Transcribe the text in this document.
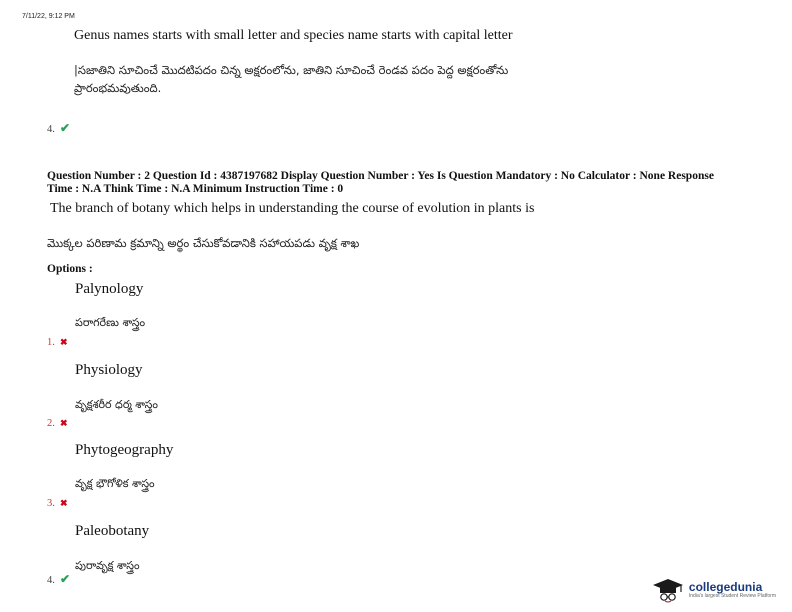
7/11/22, 9:12 PM
Genus names starts with small letter and species name starts with capital letter
|సజాతిని సూచించే మొదటిపదం చిన్న అక్షరంలోను, జాతిని సూచించే రెండవ పదం పెద్ద అక్షరంతోను
ప్రారంభమవుతుంది.
4. ✔
Question Number : 2 Question Id : 4387197682 Display Question Number : Yes Is Question Mandatory : No Calculator : None Response
Time : N.A Think Time : N.A Minimum Instruction Time : 0
The branch of botany which helps in understanding the course of evolution in plants is
మొక్కల పరిణామ క్రమాన్ని అర్థం చేసుకోవడానికి సహాయపడు వృక్ష శాఖ
Options :
Palynology
పరాగరేణు శాస్త్రం
1. ✖
Physiology
వృక్షశరీర ధర్మ శాస్త్రం
2. ✖
Phytogeography
వృక్ష భౌగోళిక శాస్త్రం
3. ✖
Paleobotany
పురావృక్ష శాస్త్రం
4. ✔
collegedunia
India's largest Student Review Platform
